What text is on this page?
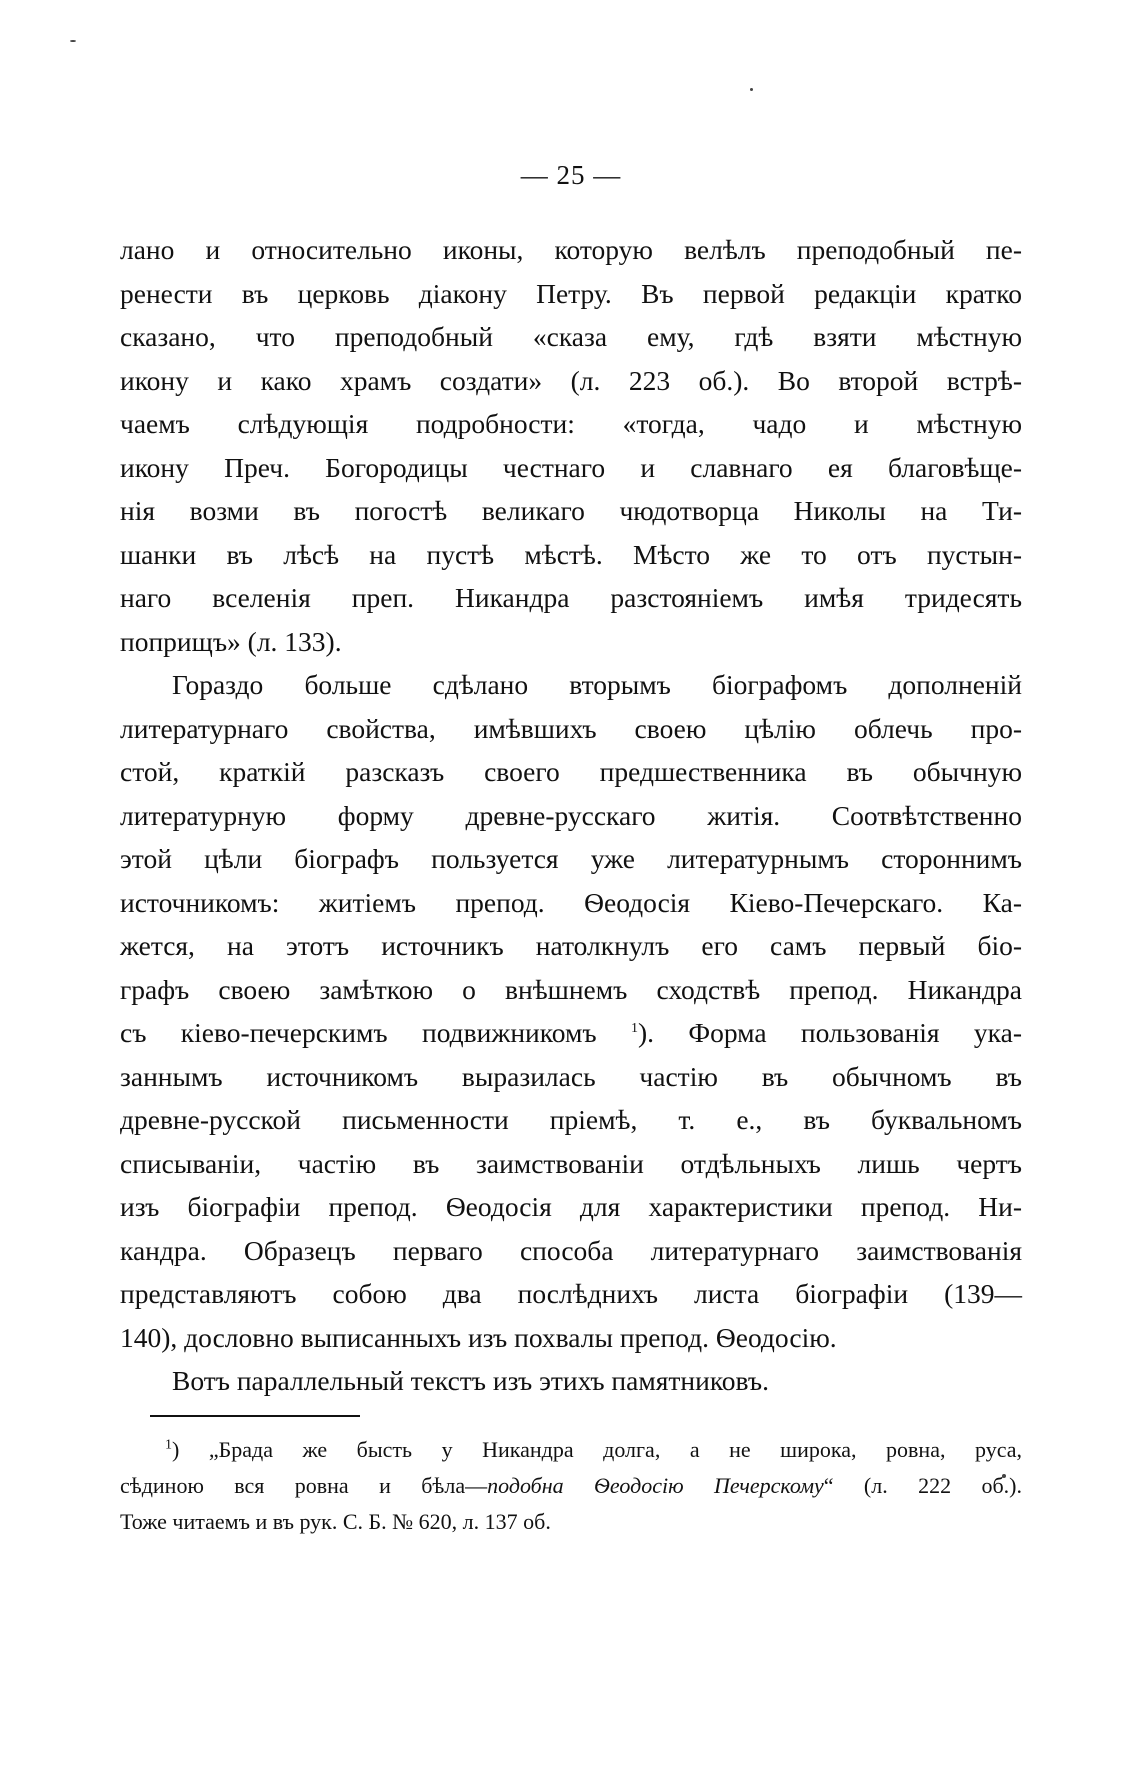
— 25 —
лано и относительно иконы, которую велѣлъ преподобный пе-
ренести въ церковь діакону Петру. Въ первой редакціи кратко
сказано, что преподобный «сказа ему, гдѣ взяти мѣстную
икону и како храмъ создати» (л. 223 об.). Во второй встрѣ-
чаемъ слѣдующія подробности: «тогда, чадо и мѣстную
икону Преч. Богородицы честнаго и славнаго ея благовѣще-
нія возми въ погостѣ великаго чюдотворца Николы на Ти-
шанки въ лѣсѣ на пустѣ мѣстѣ. Мѣсто же то отъ пустын-
наго вселенія преп. Никандра разстояніемъ имѣя тридесять
поприщъ» (л. 133).
Гораздо больше сдѣлано вторымъ біографомъ дополненій
литературнаго свойства, имѣвшихъ своею цѣлію облечь про-
стой, краткій разсказъ своего предшественника въ обычную
литературную форму древне-русскаго житія. Соотвѣтственно
этой цѣли біографъ пользуется уже литературнымъ стороннимъ
источникомъ: житіемъ препод. Ѳеодосія Кіево-Печерскаго. Ка-
жется, на этотъ источникъ натолкнулъ его самъ первый біо-
графъ своею замѣткою о внѣшнемъ сходствѣ препод. Никандра
съ кіево-печерскимъ подвижникомъ $^1$). Форма пользованія ука-
заннымъ источникомъ выразилась частію въ обычномъ въ
древне-русской письменности пріемѣ, т. е., въ буквальномъ
списываніи, частію въ заимствованіи отдѣльныхъ лишь чертъ
изъ біографіи препод. Ѳеодосія для характеристики препод. Ни-
кандра. Образецъ перваго способа литературнаго заимствованія
представляютъ собою два послѣднихъ листа біографіи (139—
140), дословно выписанныхъ изъ похвалы препод. Ѳеодосію.
Вотъ параллельный текстъ изъ этихъ памятниковъ.
$^1$) „Брада же бысть у Никандра долга, а не широка, ровна, руса,
сѣдиною вся ровна и бѣла—подобна Ѳеодосію Печерскому“ (л. 222 об.).
Тоже читаемъ и въ рук. С. Б. № 620, л. 137 об.
